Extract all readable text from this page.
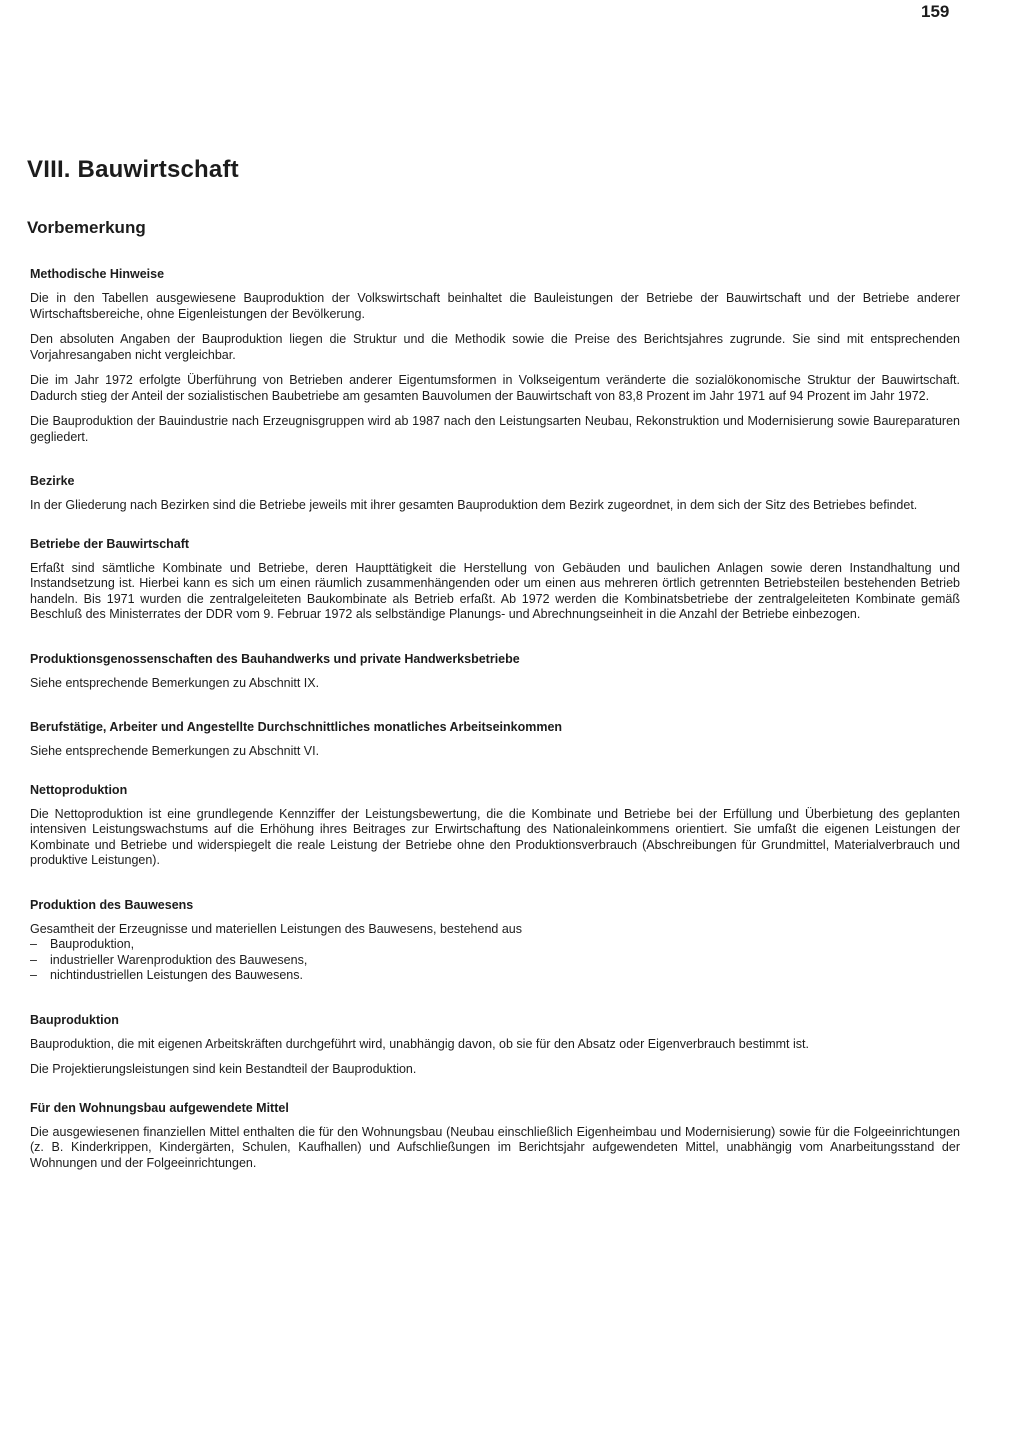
159
VIII. Bauwirtschaft
Vorbemerkung
Methodische Hinweise

Die in den Tabellen ausgewiesene Bauproduktion der Volkswirtschaft beinhaltet die Bauleistungen der Betriebe der Bauwirtschaft und der Betriebe anderer Wirtschaftsbereiche, ohne Eigenleistungen der Bevölkerung.

Den absoluten Angaben der Bauproduktion liegen die Struktur und die Methodik sowie die Preise des Berichtsjahres zugrunde. Sie sind mit entsprechenden Vorjahresangaben nicht vergleichbar.

Die im Jahr 1972 erfolgte Überführung von Betrieben anderer Eigentumsformen in Volkseigentum veränderte die sozialökonomische Struktur der Bauwirtschaft. Dadurch stieg der Anteil der sozialistischen Baubetriebe am gesamten Bauvolumen der Bauwirtschaft von 83,8 Prozent im Jahr 1971 auf 94 Prozent im Jahr 1972.

Die Bauproduktion der Bauindustrie nach Erzeugnisgruppen wird ab 1987 nach den Leistungsarten Neubau, Rekonstruktion und Modernisierung sowie Baureparaturen gegliedert.

Bezirke

In der Gliederung nach Bezirken sind die Betriebe jeweils mit ihrer gesamten Bauproduktion dem Bezirk zugeordnet, in dem sich der Sitz des Betriebes befindet.

Betriebe der Bauwirtschaft

Erfaßt sind sämtliche Kombinate und Betriebe, deren Haupttätigkeit die Herstellung von Gebäuden und baulichen Anlagen sowie deren Instandhaltung und Instandsetzung ist. Hierbei kann es sich um einen räumlich zusammenhängenden oder um einen aus mehreren örtlich getrennten Betriebsteilen bestehenden Betrieb handeln. Bis 1971 wurden die zentralgeleiteten Baukombinate als Betrieb erfaßt. Ab 1972 werden die Kombinatsbetriebe der zentralgeleiteten Kombinate gemäß Beschluß des Ministerrates der DDR vom 9. Februar 1972 als selbständige Planungs- und Abrechnungseinheit in die Anzahl der Betriebe einbezogen.

Produktionsgenossenschaften des Bauhandwerks und private Handwerksbetriebe

Siehe entsprechende Bemerkungen zu Abschnitt IX.

Berufstätige, Arbeiter und Angestellte Durchschnittliches monatliches Arbeitseinkommen

Siehe entsprechende Bemerkungen zu Abschnitt VI.

Nettoproduktion

Die Nettoproduktion ist eine grundlegende Kennziffer der Leistungsbewertung, die die Kombinate und Betriebe bei der Erfüllung und Überbietung des geplanten intensiven Leistungswachstums auf die Erhöhung ihres Beitrages zur Erwirtschaftung des Nationaleinkommens orientiert. Sie umfaßt die eigenen Leistungen der Kombinate und Betriebe und widerspiegelt die reale Leistung der Betriebe ohne den Produktionsverbrauch (Abschreibungen für Grundmittel, Materialverbrauch und produktive Leistungen).

Produktion des Bauwesens

Gesamtheit der Erzeugnisse und materiellen Leistungen des Bauwesens, bestehend aus

– Bauproduktion,
– industrieller Warenproduktion des Bauwesens,
– nichtindustriellen Leistungen des Bauwesens.
Bauproduktion

Bauproduktion, die mit eigenen Arbeitskräften durchgeführt wird, unabhängig davon, ob sie für den Absatz oder Eigenverbrauch bestimmt ist.

Die Projektierungsleistungen sind kein Bestandteil der Bauproduktion.

Für den Wohnungsbau aufgewendete Mittel

Die ausgewiesenen finanziellen Mittel enthalten die für den Wohnungsbau (Neubau einschließlich Eigenheimbau und Modernisierung) sowie für die Folgeeinrichtungen (z. B. Kinderkrippen, Kindergärten, Schulen, Kaufhallen) und Aufschließungen im Berichtsjahr aufgewendeten Mittel, unabhängig vom Anarbeitungsstand der Wohnungen und der Folgeeinrichtungen.
